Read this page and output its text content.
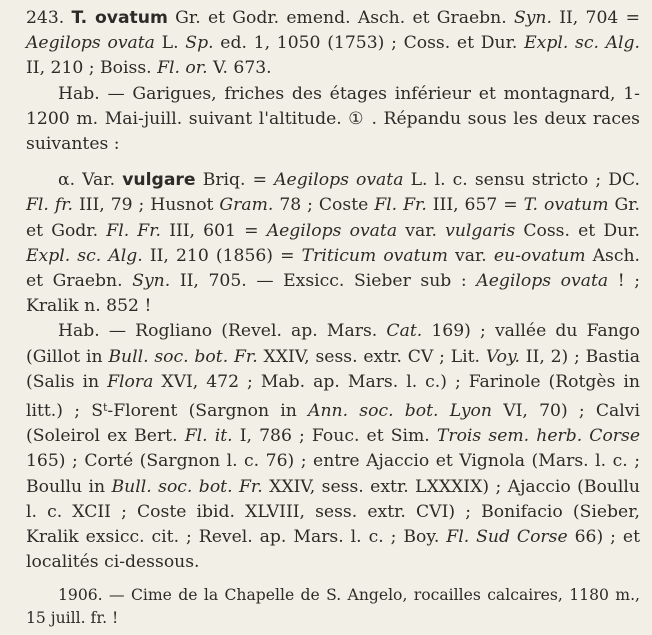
243. T. ovatum Gr. et Godr. emend. Asch. et Graebn. Syn. II, 704 = Aegilops ovata L. Sp. ed. 1, 1050 (1753) ; Coss. et Dur. Expl. sc. Alg. II, 210 ; Boiss. Fl. or. V. 673.

Hab. — Garigues, friches des étages inférieur et montagnard, 1-1200 m. Mai-juill. suivant l'altitude. ① . Répandu sous les deux races suivantes :

α. Var. vulgare Briq. = Aegilops ovata L. l. c. sensu stricto ; DC. Fl. fr. III, 79 ; Husnot Gram. 78 ; Coste Fl. Fr. III, 657 = T. ovatum Gr. et Godr. Fl. Fr. III, 601 = Aegilops ovata var. vulgaris Coss. et Dur. Expl. sc. Alg. II, 210 (1856) = Triticum ovatum var. eu-ovatum Asch. et Graebn. Syn. II, 705. — Exsicc. Sieber sub : Aegilops ovata ! ; Kralik n. 852 !

Hab. — Rogliano (Revel. ap. Mars. Cat. 169) ; vallée du Fango (Gillot in Bull. soc. bot. Fr. XXIV, sess. extr. CV ; Lit. Voy. II, 2) ; Bastia (Salis in Flora XVI, 472 ; Mab. ap. Mars. l. c.) ; Farinole (Rotgès in litt.) ; $S^t$-Florent (Sargnon in Ann. soc. bot. Lyon VI, 70) ; Calvi (Soleirol ex Bert. Fl. it. I, 786 ; Fouc. et Sim. Trois sem. herb. Corse 165) ; Corté (Sargnon l. c. 76) ; entre Ajaccio et Vignola (Mars. l. c. ; Boullu in Bull. soc. bot. Fr. XXIV, sess. extr. LXXXIX) ; Ajaccio (Boullu l. c. XCII ; Coste ibid. XLVIII, sess. extr. CVI) ; Bonifacio (Sieber, Kralik exsicc. cit. ; Revel. ap. Mars. l. c. ; Boy. Fl. Sud Corse 66) ; et localités ci-dessous.

1906. — Cime de la Chapelle de S. Angelo, rocailles calcaires, 1180 m., 15 juill. fr. !
